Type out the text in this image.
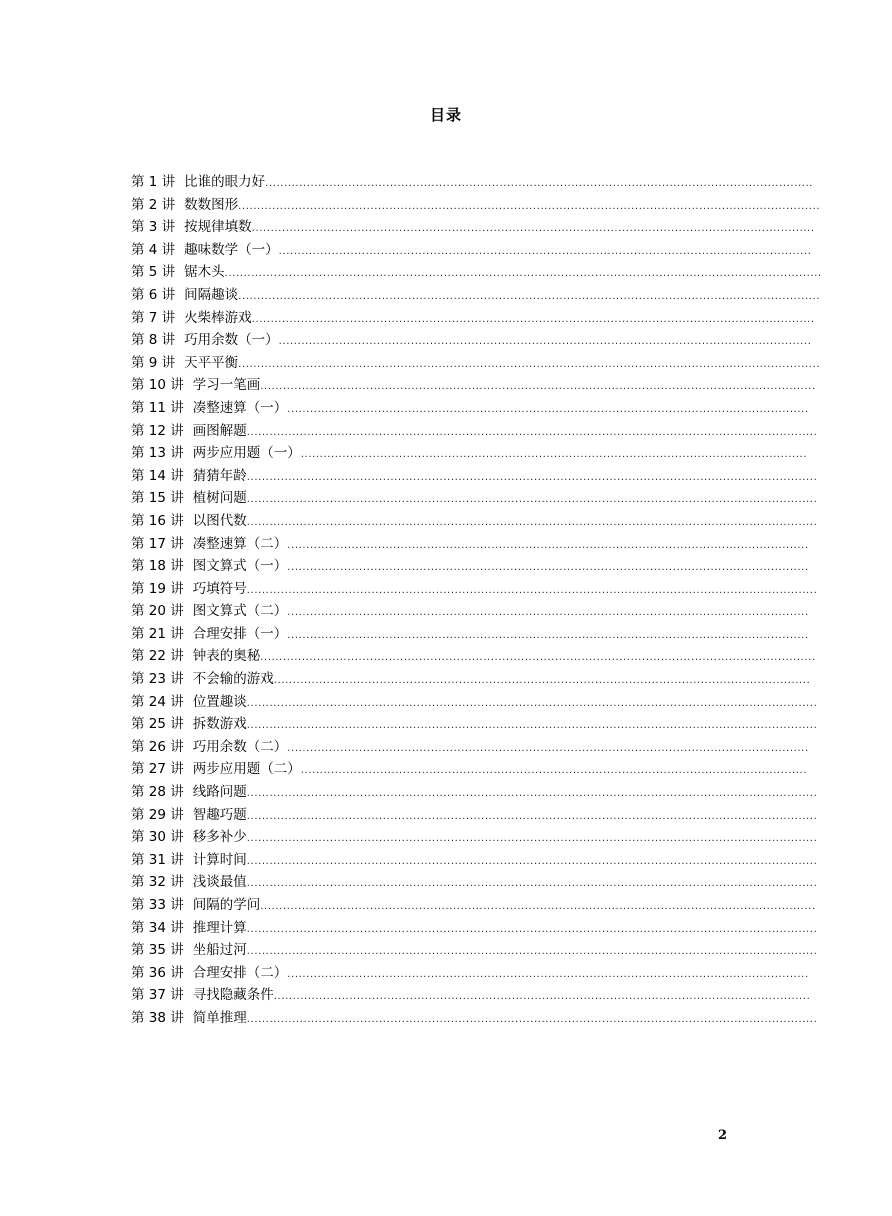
目录
第 1 讲 比谁的眼力好 .................................................................................................................................................
第 2 讲 数数图形 ..........................................................................................................................................................
第 3 讲 按规律填数 .....................................................................................................................................................
第 4 讲 趣味数学（一） .............................................................................................................................................
第 5 讲 锯木头 ..............................................................................................................................................................
第 6 讲 间隔趣谈 ..........................................................................................................................................................
第 7 讲 火柴棒游戏 .....................................................................................................................................................
第 8 讲 巧用余数（一） .............................................................................................................................................
第 9 讲 天平平衡 ..........................................................................................................................................................
第 10 讲 学习一笔画 ...................................................................................................................................................
第 11 讲 凑整速算（一） ..........................................................................................................................................
第 12 讲 画图解题 .......................................................................................................................................................
第 13 讲 两步应用题（一） ......................................................................................................................................
第 14 讲 猜猜年龄 .......................................................................................................................................................
第 15 讲 植树问题 .......................................................................................................................................................
第 16 讲 以图代数 .......................................................................................................................................................
第 17 讲 凑整速算（二） ..........................................................................................................................................
第 18 讲 图文算式（一） ..........................................................................................................................................
第 19 讲 巧填符号 .......................................................................................................................................................
第 20 讲 图文算式（二） ..........................................................................................................................................
第 21 讲 合理安排（一） ..........................................................................................................................................
第 22 讲 钟表的奥秘 ...................................................................................................................................................
第 23 讲 不会输的游戏 ..............................................................................................................................................
第 24 讲 位置趣谈 .......................................................................................................................................................
第 25 讲 拆数游戏 .......................................................................................................................................................
第 26 讲 巧用余数（二） ..........................................................................................................................................
第 27 讲 两步应用题（二） ......................................................................................................................................
第 28 讲 线路问题 .......................................................................................................................................................
第 29 讲 智趣巧题 .......................................................................................................................................................
第 30 讲 移多补少 .......................................................................................................................................................
第 31 讲 计算时间 .......................................................................................................................................................
第 32 讲 浅谈最值 .......................................................................................................................................................
第 33 讲 间隔的学问 ...................................................................................................................................................
第 34 讲 推理计算 .......................................................................................................................................................
第 35 讲 坐船过河 .......................................................................................................................................................
第 36 讲 合理安排（二） ..........................................................................................................................................
第 37 讲 寻找隐藏条件 ..............................................................................................................................................
第 38 讲 简单推理 .......................................................................................................................................................
2
